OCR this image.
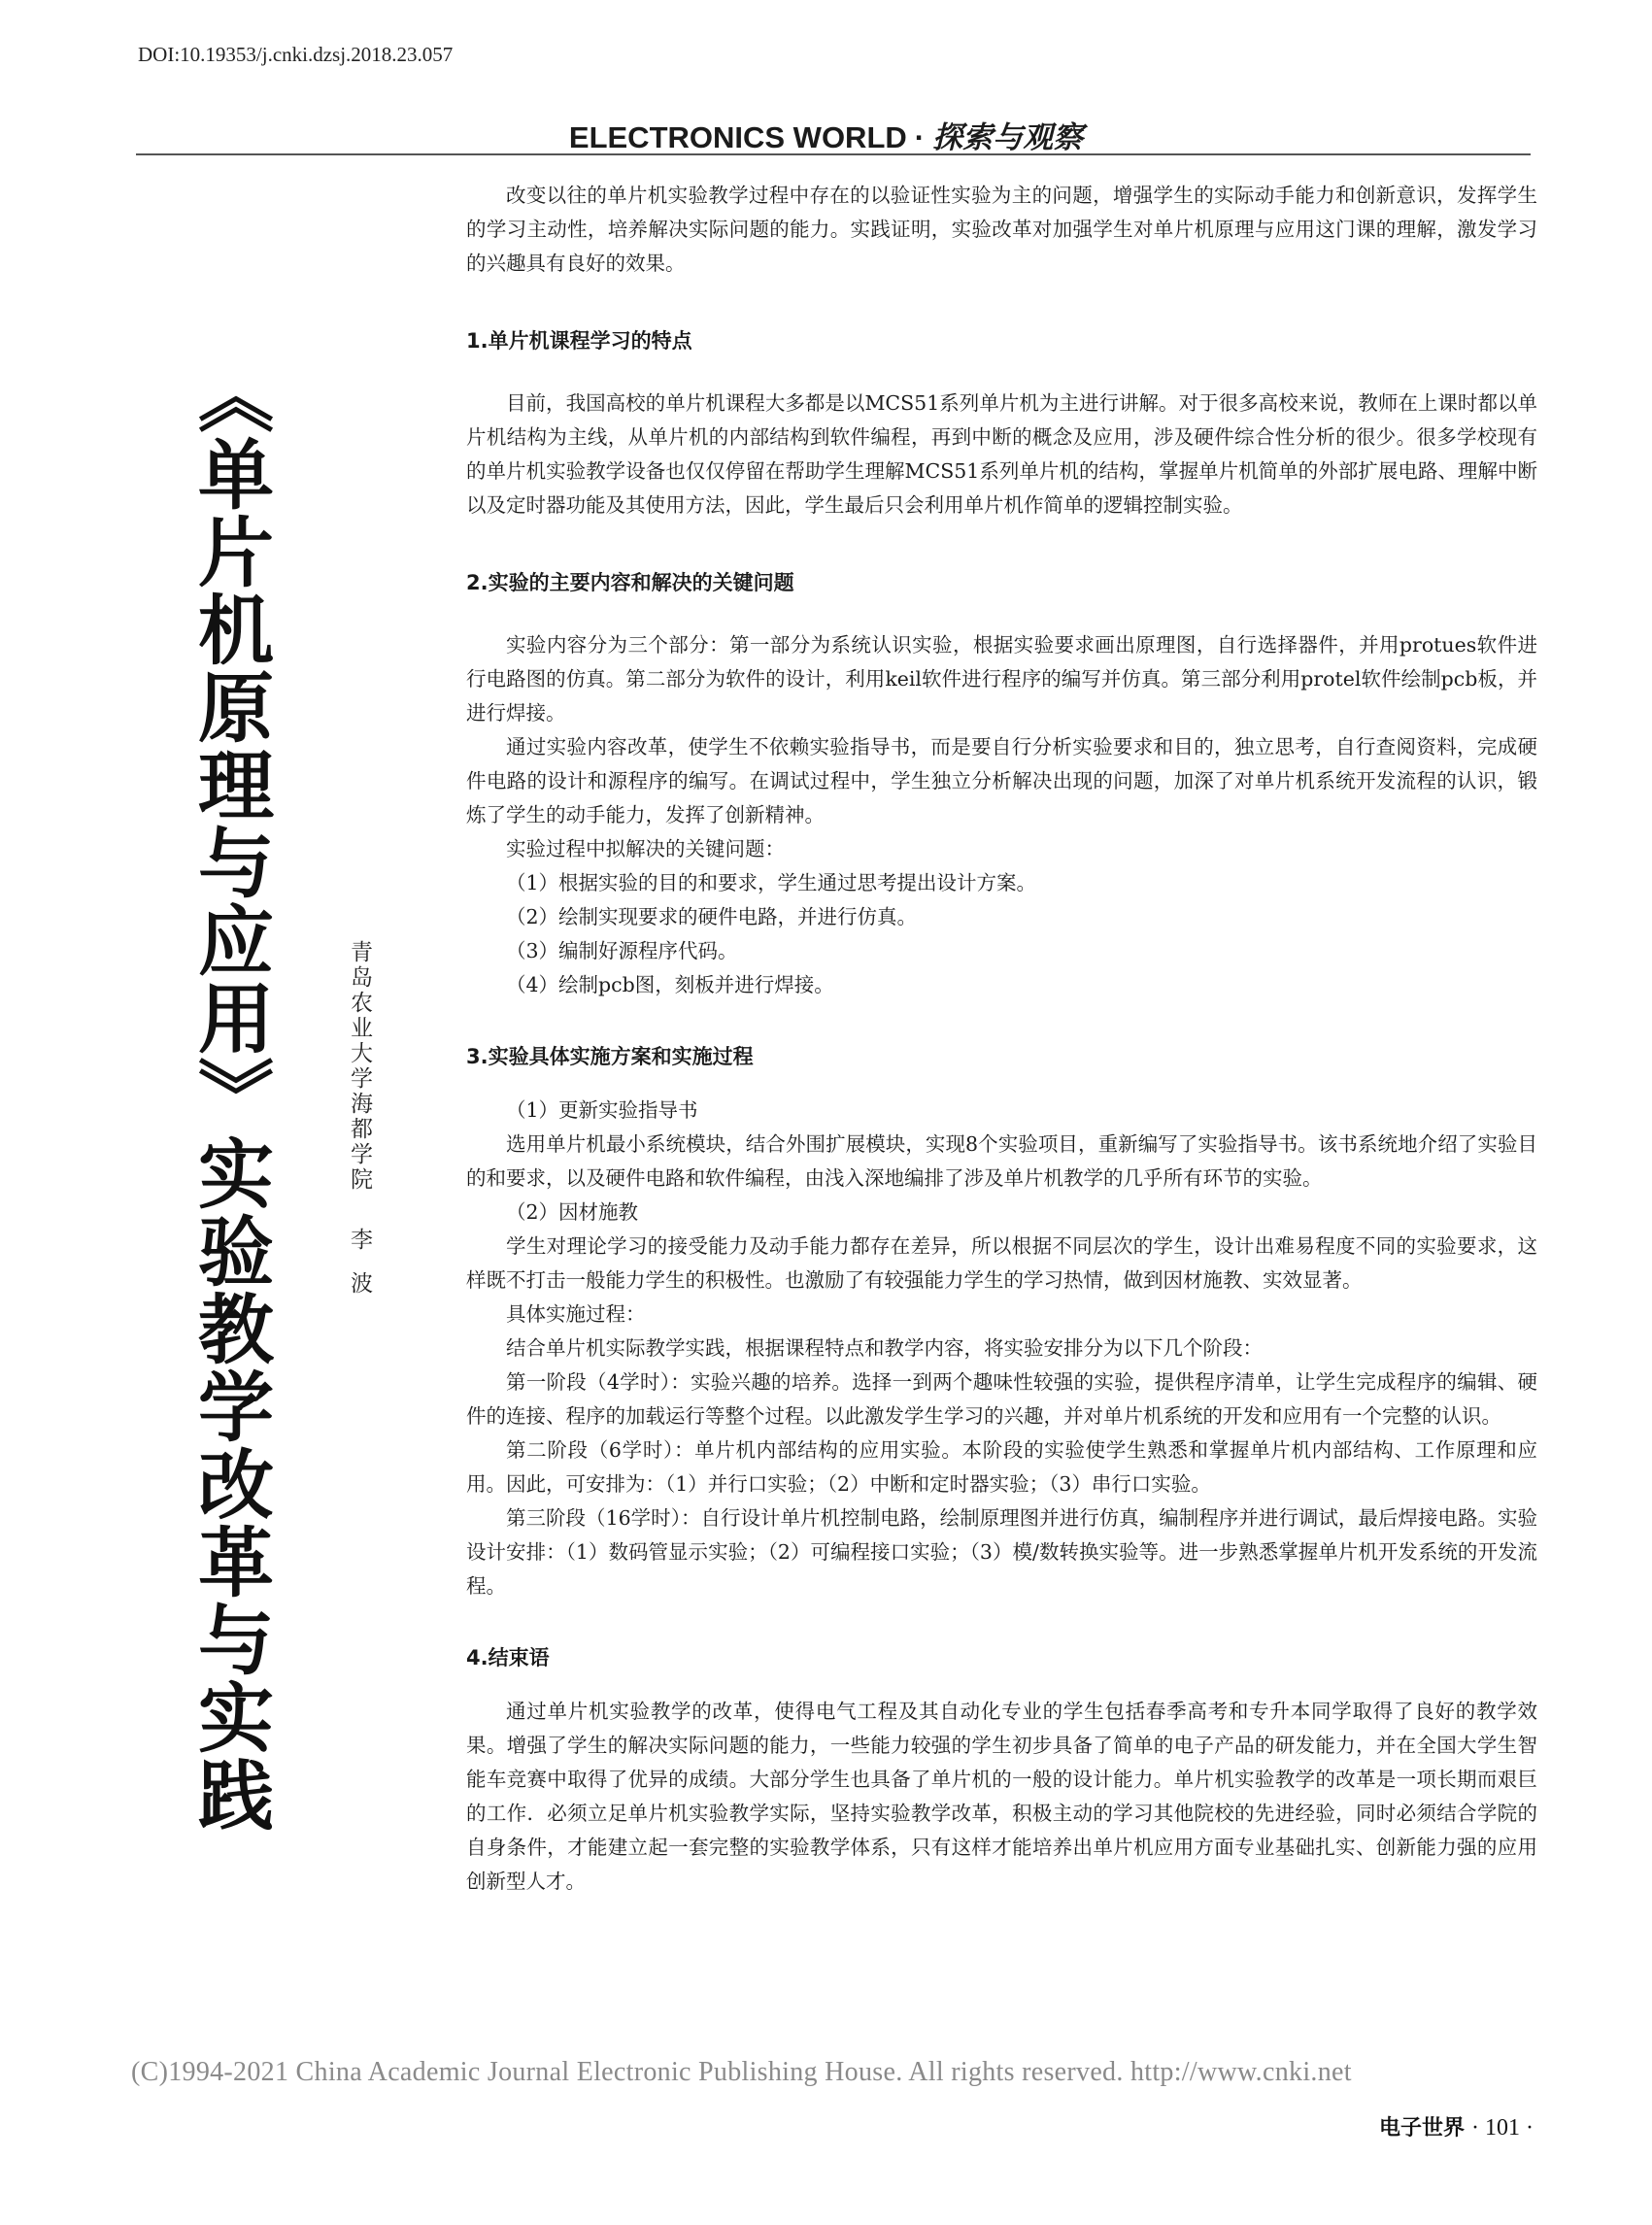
DOI:10.19353/j.cnki.dzsj.2018.23.057
ELECTRONICS WORLD · 探索与观察
《单片机原理与应用》实验教学改革与实践	青岛农业大学海都学院李波

改变以往的单片机实验教学过程中存在的以验证性实验为主的问题，增强学生的实际动手能力和创新意识，发挥学生的学习主动性，培养解决实际问题的能力。实践证明，实验改革对加强学生对单片机原理与应用这门课的理解，激发学习的兴趣具有良好的效果。

1.单片机课程学习的特点

目前，我国高校的单片机课程大多都是以MCS51系列单片机为主进行讲解。对于很多高校来说，教师在上课时都以单片机结构为主线，从单片机的内部结构到软件编程，再到中断的概念及应用，涉及硬件综合性分析的很少。很多学校现有的单片机实验教学设备也仅仅停留在帮助学生理解MCS51系列单片机的结构，掌握单片机简单的外部扩展电路、理解中断以及定时器功能及其使用方法，因此，学生最后只会利用单片机作简单的逻辑控制实验。

2.实验的主要内容和解决的关键问题

实验内容分为三个部分：第一部分为系统认识实验，根据实验要求画出原理图，自行选择器件，并用protues软件进行电路图的仿真。第二部分为软件的设计，利用keil软件进行程序的编写并仿真。第三部分利用protel软件绘制pcb板，并进行焊接。

通过实验内容改革，使学生不依赖实验指导书，而是要自行分析实验要求和目的，独立思考，自行查阅资料，完成硬件电路的设计和源程序的编写。在调试过程中，学生独立分析解决出现的问题，加深了对单片机系统开发流程的认识，锻炼了学生的动手能力，发挥了创新精神。

实验过程中拟解决的关键问题：

（1）根据实验的目的和要求，学生通过思考提出设计方案。

（2）绘制实现要求的硬件电路，并进行仿真。

（3）编制好源程序代码。

（4）绘制pcb图，刻板并进行焊接。

3.实验具体实施方案和实施过程

（1）更新实验指导书

选用单片机最小系统模块，结合外围扩展模块，实现8个实验项目，重新编写了实验指导书。该书系统地介绍了实验目的和要求，以及硬件电路和软件编程，由浅入深地编排了涉及单片机教学的几乎所有环节的实验。

（2）因材施教

学生对理论学习的接受能力及动手能力都存在差异，所以根据不同层次的学生，设计出难易程度不同的实验要求，这样既不打击一般能力学生的积极性。也激励了有较强能力学生的学习热情，做到因材施教、实效显著。

具体实施过程：

结合单片机实际教学实践，根据课程特点和教学内容，将实验安排分为以下几个阶段：

第一阶段（4学时）：实验兴趣的培养。选择一到两个趣味性较强的实验，提供程序清单，让学生完成程序的编辑、硬件的连接、程序的加载运行等整个过程。以此激发学生学习的兴趣，并对单片机系统的开发和应用有一个完整的认识。

第二阶段（6学时）：单片机内部结构的应用实验。本阶段的实验使学生熟悉和掌握单片机内部结构、工作原理和应用。因此，可安排为：（1）并行口实验；（2）中断和定时器实验；（3）串行口实验。

第三阶段（16学时）：自行设计单片机控制电路，绘制原理图并进行仿真，编制程序并进行调试，最后焊接电路。实验设计安排：（1）数码管显示实验；（2）可编程接口实验；（3）模/数转换实验等。进一步熟悉掌握单片机开发系统的开发流程。

4.结束语

通过单片机实验教学的改革，使得电气工程及其自动化专业的学生包括春季高考和专升本同学取得了良好的教学效果。增强了学生的解决实际问题的能力，一些能力较强的学生初步具备了简单的电子产品的研发能力，并在全国大学生智能车竞赛中取得了优异的成绩。大部分学生也具备了单片机的一般的设计能力。单片机实验教学的改革是一项长期而艰巨的工作．必须立足单片机实验教学实际，坚持实验教学改革，积极主动的学习其他院校的先进经验，同时必须结合学院的自身条件，才能建立起一套完整的实验教学体系，只有这样才能培养出单片机应用方面专业基础扎实、创新能力强的应用创新型人才。

(C)1994-2021 China Academic Journal Electronic Publishing House. All rights reserved. http://www.cnki.net
电子世界 · 101 ·
